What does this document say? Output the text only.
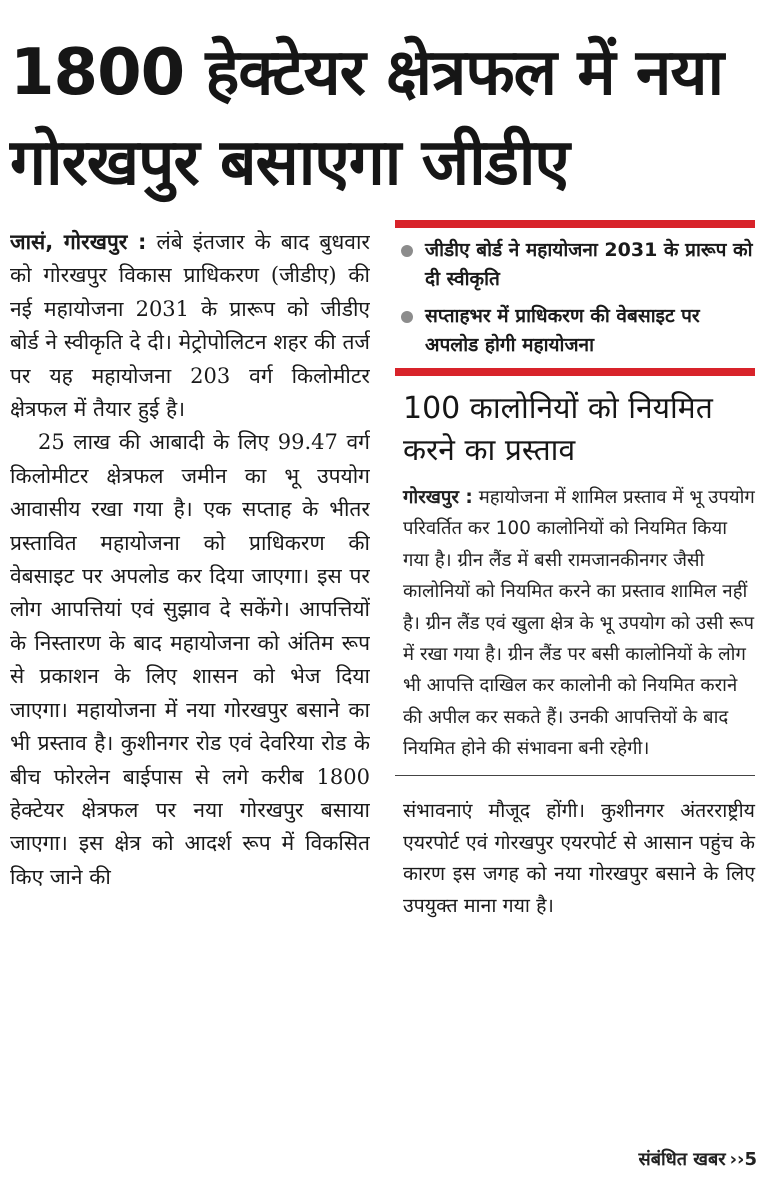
1800 हेक्टेयर क्षेत्रफल में नया
गोरखपुर बसाएगा जीडीए

जासं, गोरखपुर : लंबे इंतजार के बाद बुधवार को गोरखपुर विकास प्राधिकरण (जीडीए) की नई महायोजना 2031 के प्रारूप को जीडीए बोर्ड ने स्वीकृति दे दी। मेट्रोपोलिटन शहर की तर्ज पर यह महायोजना 203 वर्ग किलोमीटर क्षेत्रफल में तैयार हुई है।

25 लाख की आबादी के लिए 99.47 वर्ग किलोमीटर क्षेत्रफल जमीन का भू उपयोग आवासीय रखा गया है। एक सप्ताह के भीतर प्रस्तावित महायोजना को प्राधिकरण की वेबसाइट पर अपलोड कर दिया जाएगा। इस पर लोग आपत्तियां एवं सुझाव दे सकेंगे। आपत्तियों के निस्तारण के बाद महायोजना को अंतिम रूप से प्रकाशन के लिए शासन को भेज दिया जाएगा। महायोजना में नया गोरखपुर बसाने का भी प्रस्ताव है। कुशीनगर रोड एवं देवरिया रोड के बीच फोरलेन बाईपास से लगे करीब 1800 हेक्टेयर क्षेत्रफल पर नया गोरखपुर बसाया जाएगा। इस क्षेत्र को आदर्श रूप में विकसित किए जाने की

जीडीए बोर्ड ने महायोजना 2031 के प्रारूप को दी स्वीकृति
सप्ताहभर में प्राधिकरण की वेबसाइट पर अपलोड होगी महायोजना
100 कालोनियों को नियमित करने का प्रस्ताव
गोरखपुर : महायोजना में शामिल प्रस्ताव में भू उपयोग परिवर्तित कर 100 कालोनियों को नियमित किया गया है। ग्रीन लैंड में बसी रामजानकीनगर जैसी कालोनियों को नियमित करने का प्रस्ताव शामिल नहीं है। ग्रीन लैंड एवं खुला क्षेत्र के भू उपयोग को उसी रूप में रखा गया है। ग्रीन लैंड पर बसी कालोनियों के लोग भी आपत्ति दाखिल कर कालोनी को नियमित कराने की अपील कर सकते हैं। उनकी आपत्तियों के बाद नियमित होने की संभावना बनी रहेगी।

संभावनाएं मौजूद होंगी। कुशीनगर अंतरराष्ट्रीय एयरपोर्ट एवं गोरखपुर एयरपोर्ट से आसान पहुंच के कारण इस जगह को नया गोरखपुर बसाने के लिए उपयुक्त माना गया है।

संबंधित खबर ››5
